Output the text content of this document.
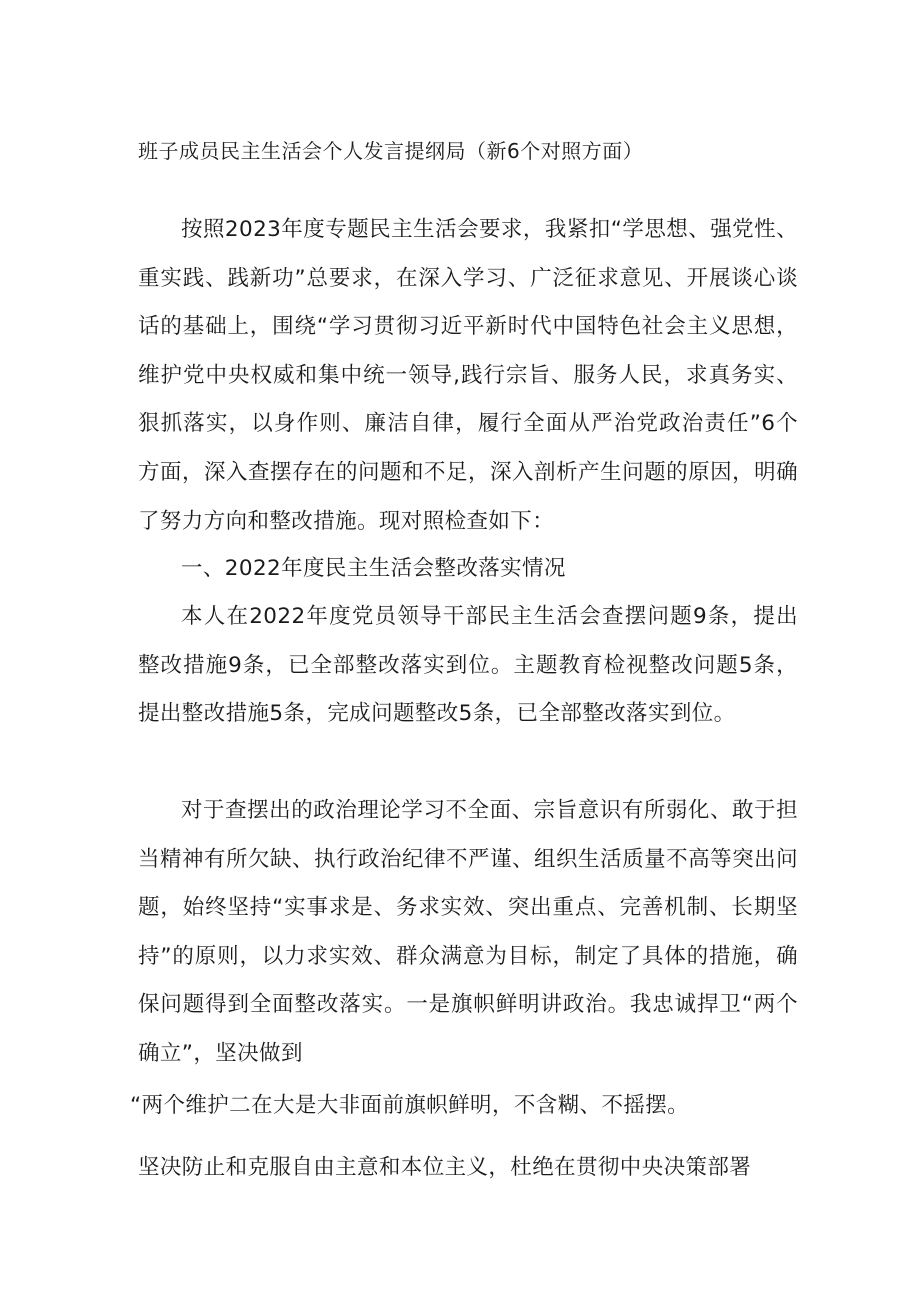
班子成员民主生活会个人发言提纲局（新6个对照方面）

按照2023年度专题民主生活会要求，我紧扣“学思想、强党性、重实践、践新功”总要求，在深入学习、广泛征求意见、开展谈心谈话的基础上，围绕“学习贯彻习近平新时代中国特色社会主义思想，维护党中央权威和集中统一领导,践行宗旨、服务人民，求真务实、狠抓落实，以身作则、廉洁自律，履行全面从严治党政治责任”6个方面，深入查摆存在的问题和不足，深入剖析产生问题的原因，明确了努力方向和整改措施。现对照检查如下：

一、2022年度民主生活会整改落实情况

本人在2022年度党员领导干部民主生活会查摆问题9条，提出整改措施9条，已全部整改落实到位。主题教育检视整改问题5条，提出整改措施5条，完成问题整改5条，已全部整改落实到位。

对于查摆出的政治理论学习不全面、宗旨意识有所弱化、敢于担当精神有所欠缺、执行政治纪律不严谨、组织生活质量不高等突出问题，始终坚持“实事求是、务求实效、突出重点、完善机制、长期坚持”的原则，以力求实效、群众满意为目标，制定了具体的措施，确保问题得到全面整改落实。一是旗帜鲜明讲政治。我忠诚捍卫“两个确立”，坚决做到

“两个维护二在大是大非面前旗帜鲜明，不含糊、不摇摆。

坚决防止和克服自由主意和本位主义，杜绝在贯彻中央决策部署
